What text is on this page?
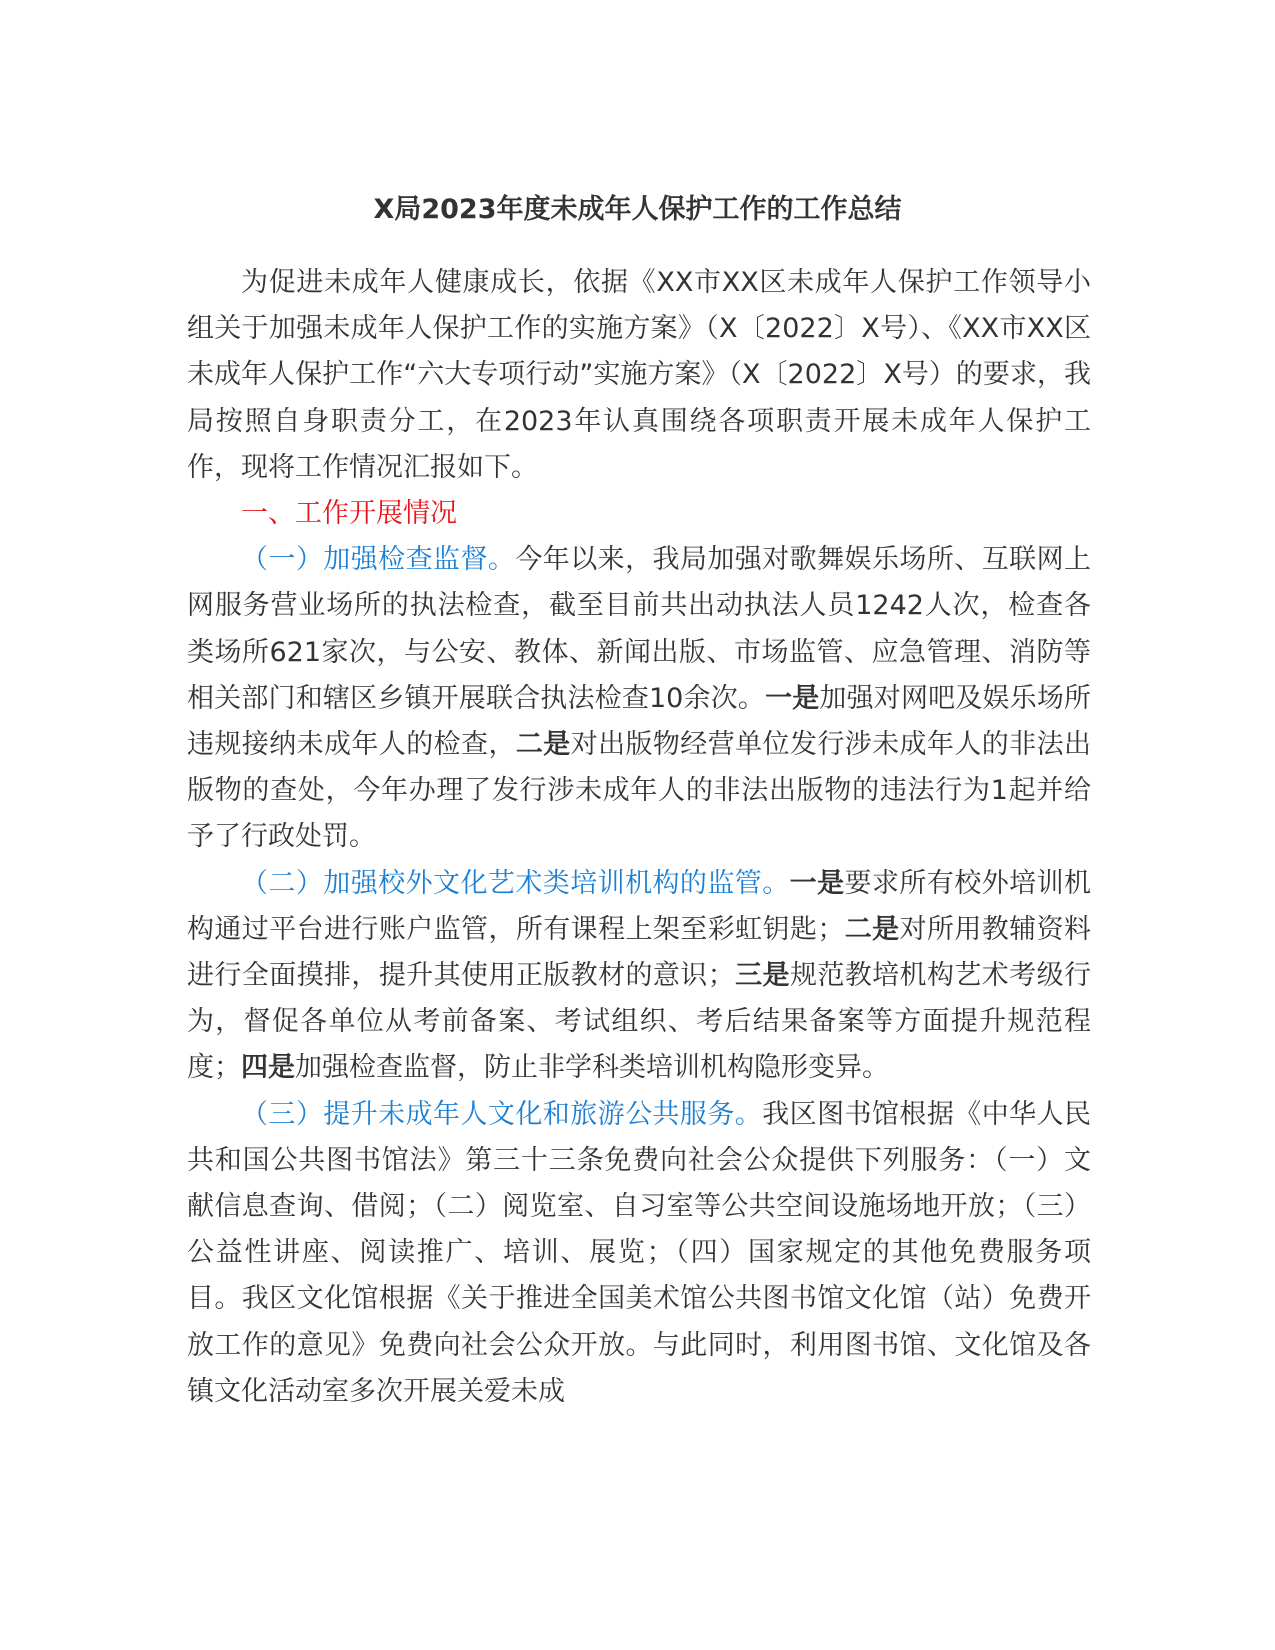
X局2023年度未成年人保护工作的工作总结

为促进未成年人健康成长，依据《XX市XX区未成年人保护工作领导小组关于加强未成年人保护工作的实施方案》（X〔2022〕X号）、《XX市XX区未成年人保护工作“六大专项行动”实施方案》（X〔2022〕X号）的要求，我局按照自身职责分工，在2023年认真围绕各项职责开展未成年人保护工作，现将工作情况汇报如下。

一、工作开展情况

（一）加强检查监督。今年以来，我局加强对歌舞娱乐场所、互联网上网服务营业场所的执法检查，截至目前共出动执法人员1242人次，检查各类场所621家次，与公安、教体、新闻出版、市场监管、应急管理、消防等相关部门和辖区乡镇开展联合执法检查10余次。一是加强对网吧及娱乐场所违规接纳未成年人的检查，二是对出版物经营单位发行涉未成年人的非法出版物的查处，今年办理了发行涉未成年人的非法出版物的违法行为1起并给予了行政处罚。

（二）加强校外文化艺术类培训机构的监管。一是要求所有校外培训机构通过平台进行账户监管，所有课程上架至彩虹钥匙；二是对所用教辅资料进行全面摸排，提升其使用正版教材的意识；三是规范教培机构艺术考级行为，督促各单位从考前备案、考试组织、考后结果备案等方面提升规范程度；四是加强检查监督，防止非学科类培训机构隐形变异。

（三）提升未成年人文化和旅游公共服务。我区图书馆根据《中华人民共和国公共图书馆法》第三十三条免费向社会公众提供下列服务：（一）文献信息查询、借阅；（二）阅览室、自习室等公共空间设施场地开放；（三）公益性讲座、阅读推广、培训、展览；（四）国家规定的其他免费服务项目。我区文化馆根据《关于推进全国美术馆公共图书馆文化馆（站）免费开放工作的意见》免费向社会公众开放。与此同时，利用图书馆、文化馆及各镇文化活动室多次开展关爱未成
